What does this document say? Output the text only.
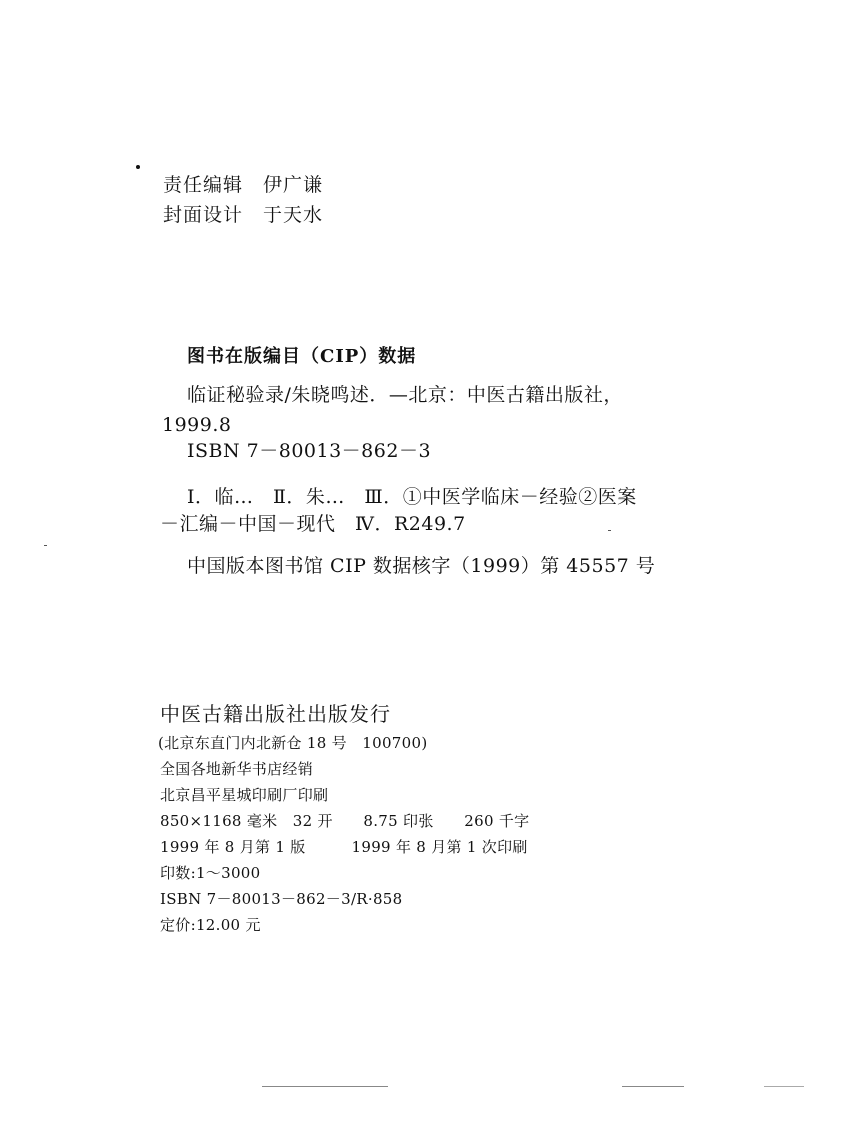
责任编辑　伊广谦
封面设计　于天水
图书在版编目（CIP）数据
临证秘验录/朱晓鸣述．—北京：中医古籍出版社，
1999.8
ISBN 7－80013－862－3
Ⅰ．临…　Ⅱ．朱…　Ⅲ．①中医学临床－经验②医案
－汇编－中国－现代　Ⅳ．R249.7
中国版本图书馆 CIP 数据核字（1999）第 45557 号
中医古籍出版社出版发行
(北京东直门内北新仓 18 号　100700)
全国各地新华书店经销
北京昌平星城印刷厂印刷
850×1168 毫米　32 开　　8.75 印张　　260 千字
1999 年 8 月第 1 版　　　1999 年 8 月第 1 次印刷
印数:1～3000
ISBN 7－80013－862－3/R·858
定价:12.00 元
